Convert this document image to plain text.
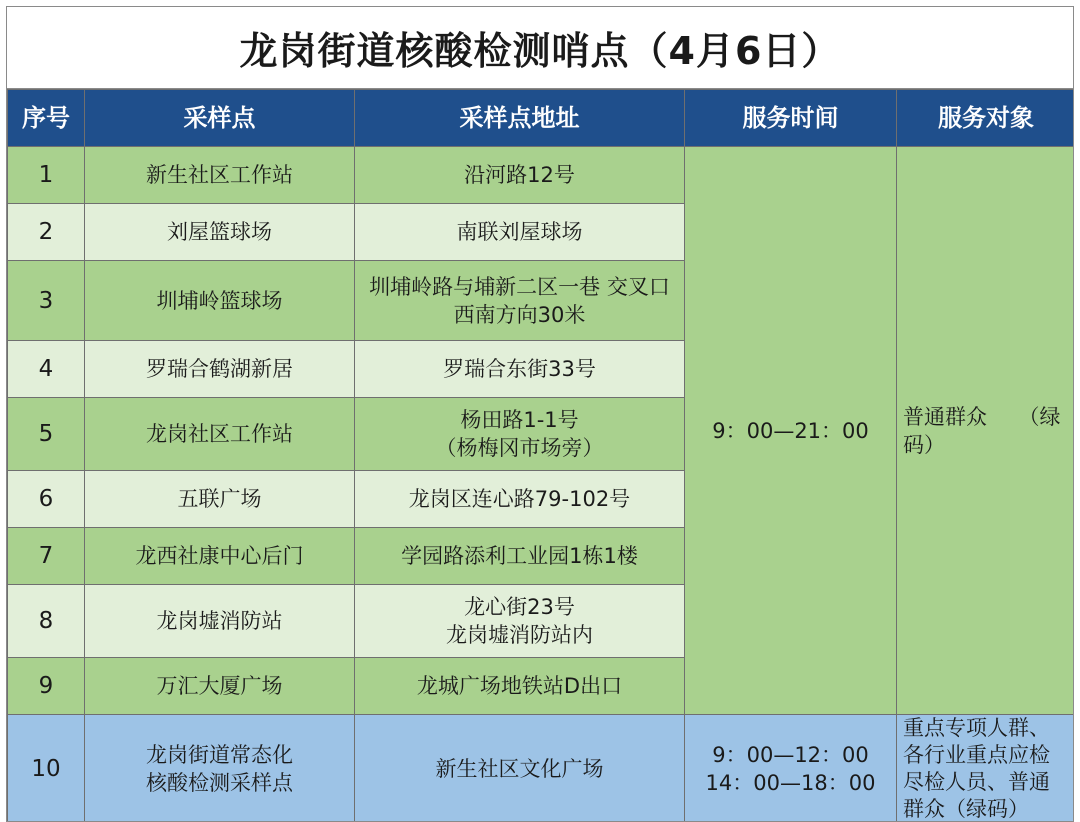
龙岗街道核酸检测哨点（4月6日）
序号	采样点	采样点地址	服务时间	服务对象
1	新生社区工作站	沿河路12号	9：00—21：00	普通群众　　（绿
码）
2	刘屋篮球场	南联刘屋球场		
3	圳埔岭篮球场	圳埔岭路与埔新二区一巷 交叉口
西南方向30米		
4	罗瑞合鹤湖新居	罗瑞合东街33号		
5	龙岗社区工作站	杨田路1-1号
（杨梅冈市场旁）		
6	五联广场	龙岗区连心路79-102号		
7	龙西社康中心后门	学园路添利工业园1栋1楼		
8	龙岗墟消防站	龙心街23号
龙岗墟消防站内		
9	万汇大厦广场	龙城广场地铁站D出口		
10	龙岗街道常态化
核酸检测采样点	新生社区文化广场	9：00—12：00
14：00—18：00	重点专项人群、各行业重点应检尽检人员、普通群众（绿码）
